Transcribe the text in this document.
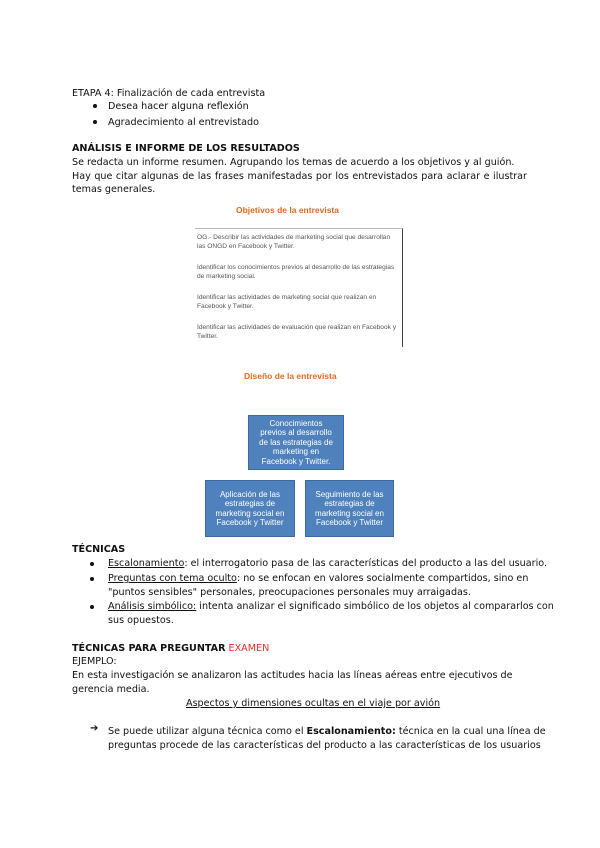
ETAPA 4: Finalización de cada entrevista
Desea hacer alguna reflexión
Agradecimiento al entrevistado
ANÁLISIS E INFORME DE LOS RESULTADOS
Se redacta un informe resumen. Agrupando los temas de acuerdo a los objetivos y al guión.
Hay que citar algunas de las frases manifestadas por los entrevistados para aclarar e ilustrar temas generales.
Objetivos de la entrevista
OG.- Describir las actividades de marketing social que desarrollan las ONGD en Facebook y Twitter.
Identificar los conocimientos previos al desarrollo de las estrategias de marketing social.
Identificar las actividades de marketing social que realizan en Facebook y Twitter.
Identificar las actividades de evaluación que realizan en Facebook y Twitter.
Diseño de la entrevista
Conocimientos previos al desarrollo de las estrategias de marketing en Facebook y Twitter.
Aplicación de las estrategias de marketing social en Facebook y Twitter
Seguimiento de las estrategias de marketing social en Facebook y Twitter
TÉCNICAS
Escalonamiento: el interrogatorio pasa de las características del producto a las del usuario.
Preguntas con tema oculto: no se enfocan en valores socialmente compartidos, sino en
"puntos sensibles" personales, preocupaciones personales muy arraigadas.
Análisis simbólico: intenta analizar el significado simbólico de los objetos al compararlos con
sus opuestos.
TÉCNICAS PARA PREGUNTAR EXAMEN
EJEMPLO:
En esta investigación se analizaron las actitudes hacia las líneas aéreas entre ejecutivos de
gerencia media.
Aspectos y dimensiones ocultas en el viaje por avión
➔ Se puede utilizar alguna técnica como el Escalonamiento: técnica en la cual una línea de
preguntas procede de las características del producto a las características de los usuarios
